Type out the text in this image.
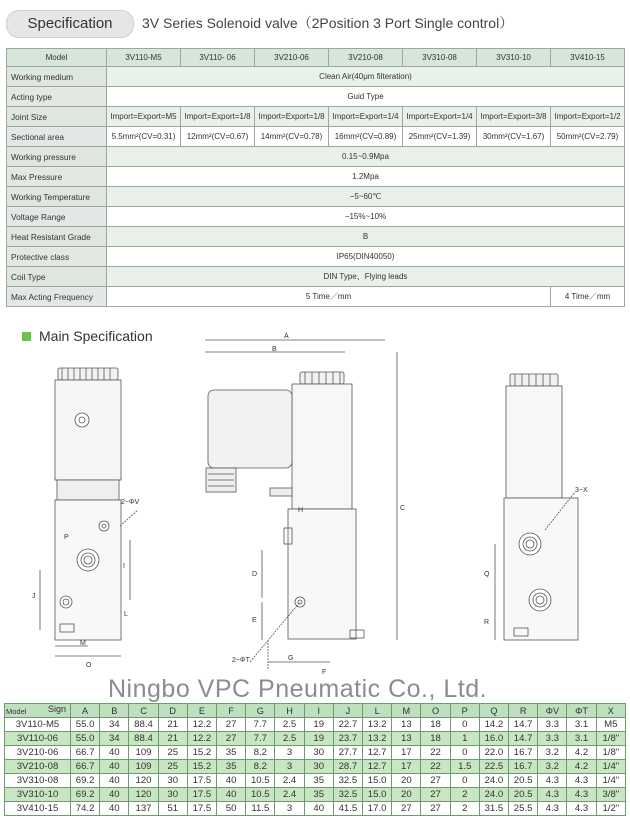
Specification	3V Series Solenoid valve（2Position 3 Port Single control）
Model	3V110-M5	3V110- 06	3V210-06	3V210-08	3V310-08	3V310-10	3V410-15
Working medium	Clean Air(40μm filteration)						
Acting type	Guid Type						
Joint Size	Import=Export=M5	Import=Export=1/8	Import=Export=1/8	Import=Export=1/4	Import=Export=1/4	Import=Export=3/8	Import=Export=1/2
Sectional area	5.5mm²(CV=0.31)	12mm²(CV=0.67)	14mm²(CV=0.78)	16mm²(CV=0.89)	25mm²(CV=1.39)	30mm²(CV=1.67)	50mm²(CV=2.79)
Working pressure	0.15~0.9Mpa						
Max Pressure	1.2Mpa						
Working Temperature	−5~60℃						
Voltage Range	−15%~10%						
Heat Resistant Grade	B						
Protective class	IP65(DIN40050)						
Coil Type	DIN Type、Flying leads						
Max Acting Frequency	5 Time／mm						4 Time／mm
Main Specification
2−ΦV
P
I
J
L
M
O
A
B
C
H
D
E
2−ΦT	G
F
3−X
Q
R
Ningbo VPC Pneumatic Co., Ltd.
Model Sign	A	B	C	D	E	F	G	H	I	J	L	M	O	P	Q	R	ΦV	ΦT	X
3V110-M5	55.0	34	88.4	21	12.2	27	7.7	2.5	19	22.7	13.2	13	18	0	14.2	14.7	3.3	3.1	M5
3V110-06	55.0	34	88.4	21	12.2	27	7.7	2.5	19	23.7	13.2	13	18	1	16.0	14.7	3.3	3.1	1/8"
3V210-06	66.7	40	109	25	15.2	35	8.2	3	30	27.7	12.7	17	22	0	22.0	16.7	3.2	4.2	1/8"
3V210-08	66.7	40	109	25	15.2	35	8.2	3	30	28.7	12.7	17	22	1.5	22.5	16.7	3.2	4.2	1/4"
3V310-08	69.2	40	120	30	17.5	40	10.5	2.4	35	32.5	15.0	20	27	0	24.0	20.5	4.3	4.3	1/4"
3V310-10	69.2	40	120	30	17.5	40	10.5	2.4	35	32.5	15.0	20	27	2	24.0	20.5	4.3	4.3	3/8"
3V410-15	74.2	40	137	51	17.5	50	11.5	3	40	41.5	17.0	27	27	2	31.5	25.5	4.3	4.3	1/2"
